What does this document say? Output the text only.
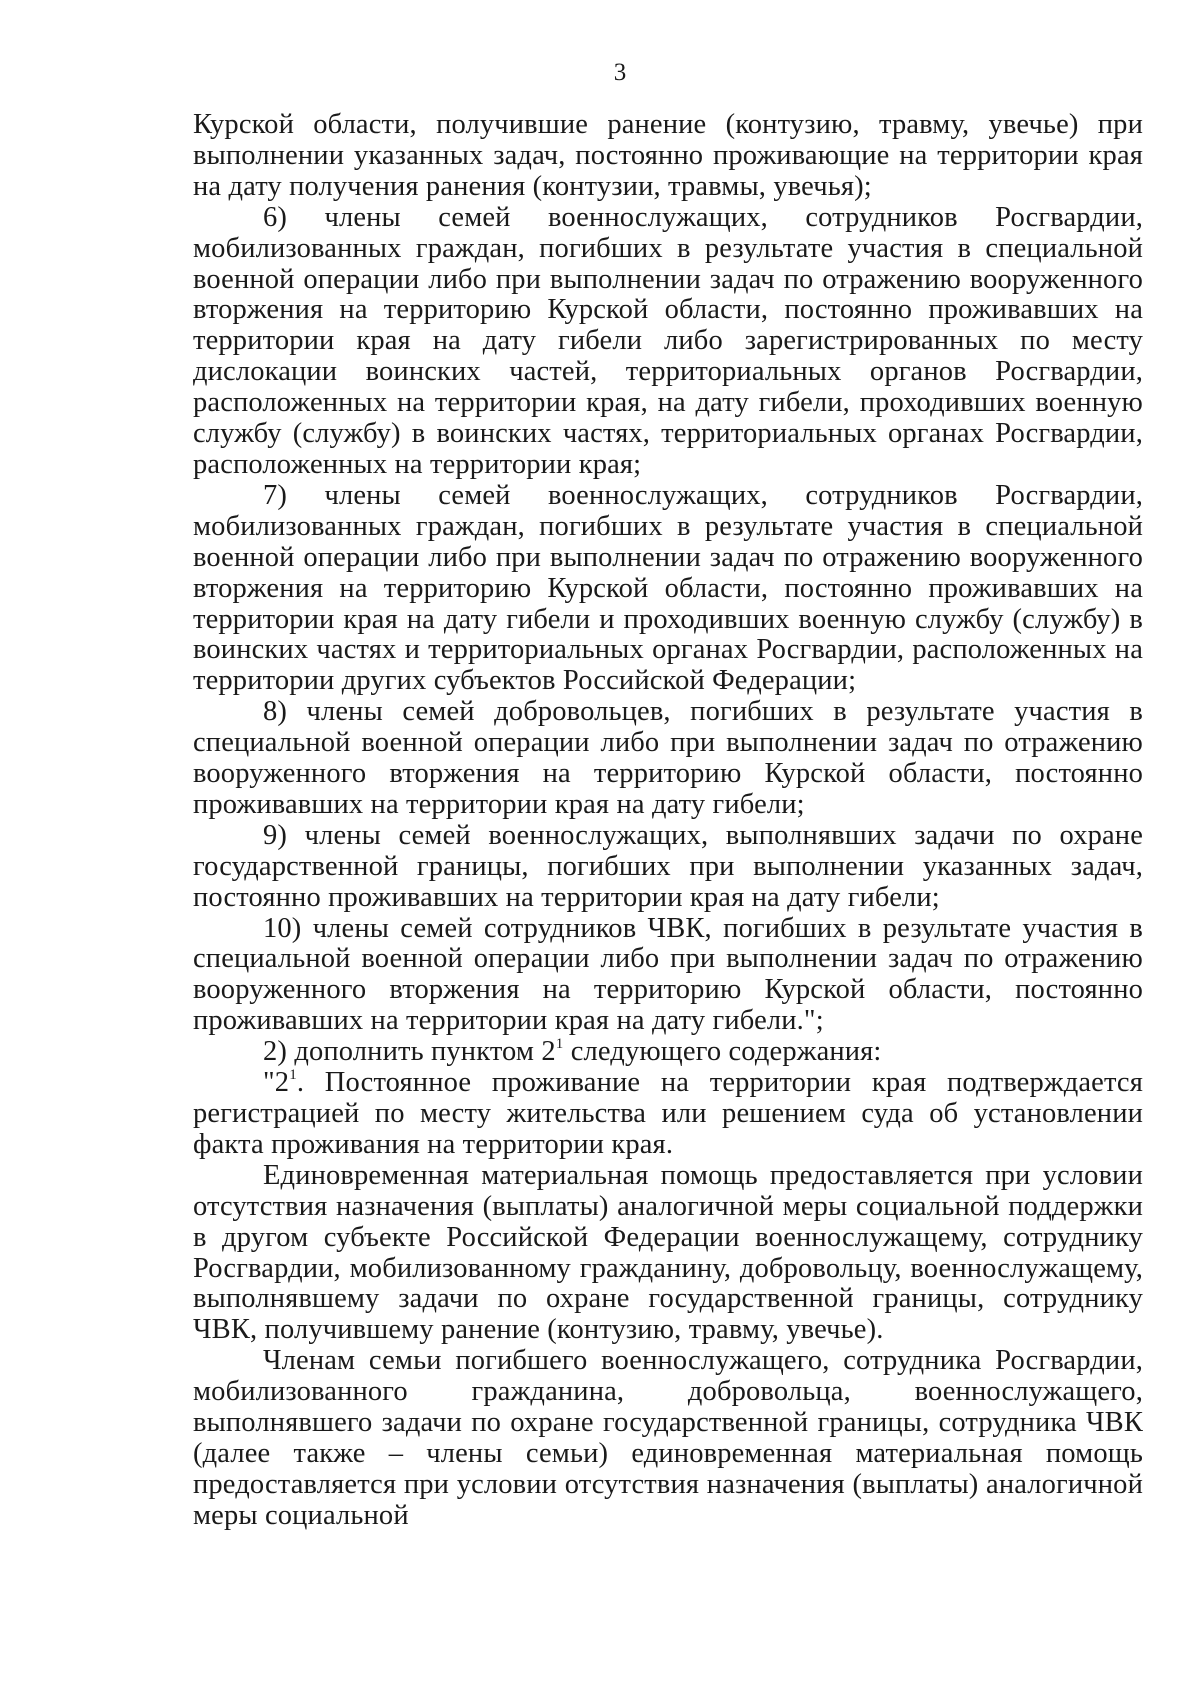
3

Курской области, получившие ранение (контузию, травму, увечье) при выполнении указанных задач, постоянно проживающие на территории края на дату получения ранения (контузии, травмы, увечья);

6) члены семей военнослужащих, сотрудников Росгвардии, мобилизованных граждан, погибших в результате участия в специальной военной операции либо при выполнении задач по отражению вооруженного вторжения на территорию Курской области, постоянно проживавших на территории края на дату гибели либо зарегистрированных по месту дислокации воинских частей, территориальных органов Росгвардии, расположенных на территории края, на дату гибели, проходивших военную службу (службу) в воинских частях, территориальных органах Росгвардии, расположенных на территории края;

7) члены семей военнослужащих, сотрудников Росгвардии, мобилизованных граждан, погибших в результате участия в специальной военной операции либо при выполнении задач по отражению вооруженного вторжения на территорию Курской области, постоянно проживавших на территории края на дату гибели и проходивших военную службу (службу) в воинских частях и территориальных органах Росгвардии, расположенных на территории других субъектов Российской Федерации;

8) члены семей добровольцев, погибших в результате участия в специальной военной операции либо при выполнении задач по отражению вооруженного вторжения на территорию Курской области, постоянно проживавших на территории края на дату гибели;

9) члены семей военнослужащих, выполнявших задачи по охране государственной границы, погибших при выполнении указанных задач, постоянно проживавших на территории края на дату гибели;

10) члены семей сотрудников ЧВК, погибших в результате участия в специальной военной операции либо при выполнении задач по отражению вооруженного вторжения на территорию Курской области, постоянно проживавших на территории края на дату гибели.";

2) дополнить пунктом $2^1$ следующего содержания:

"$2^1$. Постоянное проживание на территории края подтверждается регистрацией по месту жительства или решением суда об установлении факта проживания на территории края.

Единовременная материальная помощь предоставляется при условии отсутствия назначения (выплаты) аналогичной меры социальной поддержки в другом субъекте Российской Федерации военнослужащему, сотруднику Росгвардии, мобилизованному гражданину, добровольцу, военнослужащему, выполнявшему задачи по охране государственной границы, сотруднику ЧВК, получившему ранение (контузию, травму, увечье).

Членам семьи погибшего военнослужащего, сотрудника Росгвардии, мобилизованного гражданина, добровольца, военнослужащего, выполнявшего задачи по охране государственной границы, сотрудника ЧВК (далее также – члены семьи) единовременная материальная помощь предоставляется при условии отсутствия назначения (выплаты) аналогичной меры социальной
